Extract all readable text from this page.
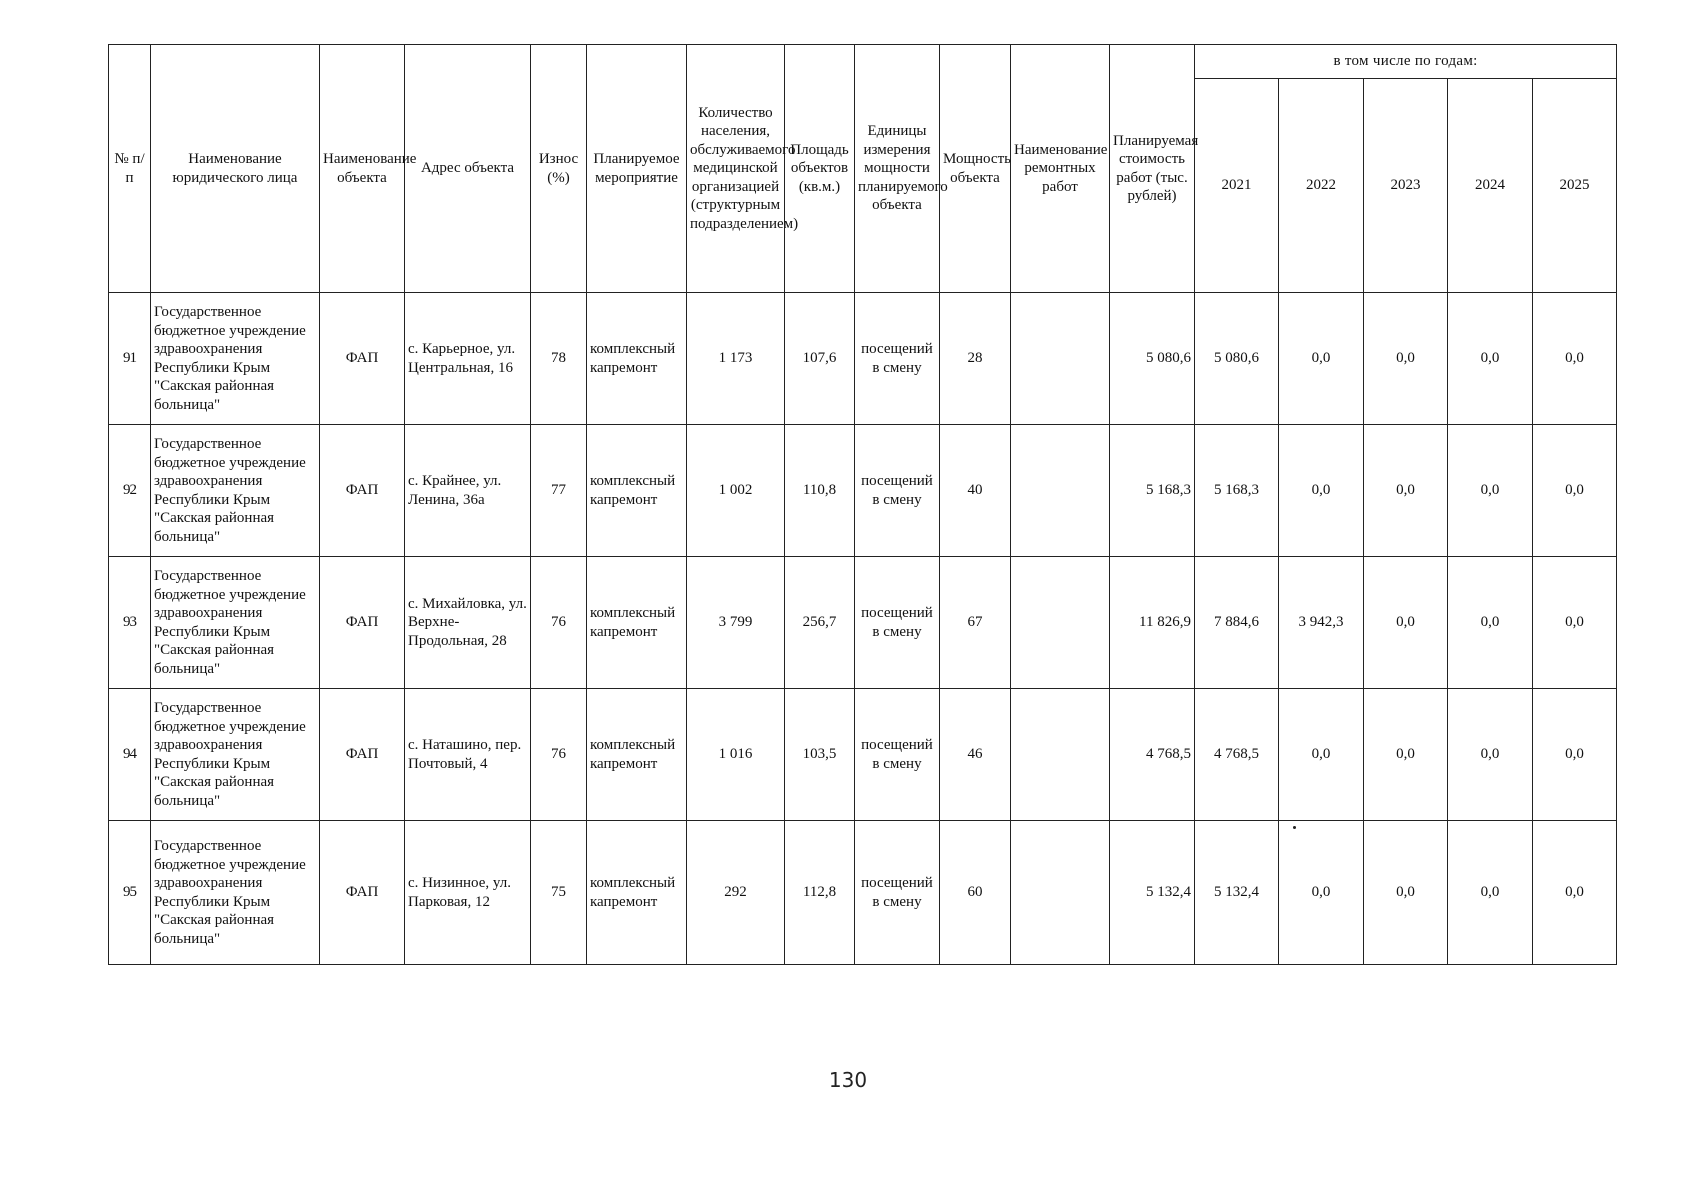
№ п/п	Наименование юридического лица	Наименование объекта	Адрес объекта	Износ (%)	Планируемое мероприятие	Количество населения, обслуживаемого медицинской организацией (структурным подразделением)	Площадь объектов (кв.м.)	Единицы измерения мощности планируемого объекта	Мощность объекта	Наименование ремонтных работ	Планируемая стоимость работ (тыс. рублей)	в том числе по годам:				
												2021	2022	2023	2024	2025
91	Государственное бюджетное учреждение здравоохранения Республики Крым "Сакская районная больница"	ФАП	с. Карьерное, ул. Центральная, 16	78	комплексный капремонт	1 173	107,6	посещений в смену	28		5 080,6	5 080,6	0,0	0,0	0,0	0,0
92	Государственное бюджетное учреждение здравоохранения Республики Крым "Сакская районная больница"	ФАП	с. Крайнее, ул. Ленина, 36а	77	комплексный капремонт	1 002	110,8	посещений в смену	40		5 168,3	5 168,3	0,0	0,0	0,0	0,0
93	Государственное бюджетное учреждение здравоохранения Республики Крым "Сакская районная больница"	ФАП	с. Михайловка, ул. Верхне-Продольная, 28	76	комплексный капремонт	3 799	256,7	посещений в смену	67		11 826,9	7 884,6	3 942,3	0,0	0,0	0,0
94	Государственное бюджетное учреждение здравоохранения Республики Крым "Сакская районная больница"	ФАП	с. Наташино, пер. Почтовый, 4	76	комплексный капремонт	1 016	103,5	посещений в смену	46		4 768,5	4 768,5	0,0	0,0	0,0	0,0
95	Государственное бюджетное учреждение здравоохранения Республики Крым "Сакская районная больница"	ФАП	с. Низинное, ул. Парковая, 12	75	комплексный капремонт	292	112,8	посещений в смену	60		5 132,4	5 132,4	0,0	0,0	0,0	0,0
130
